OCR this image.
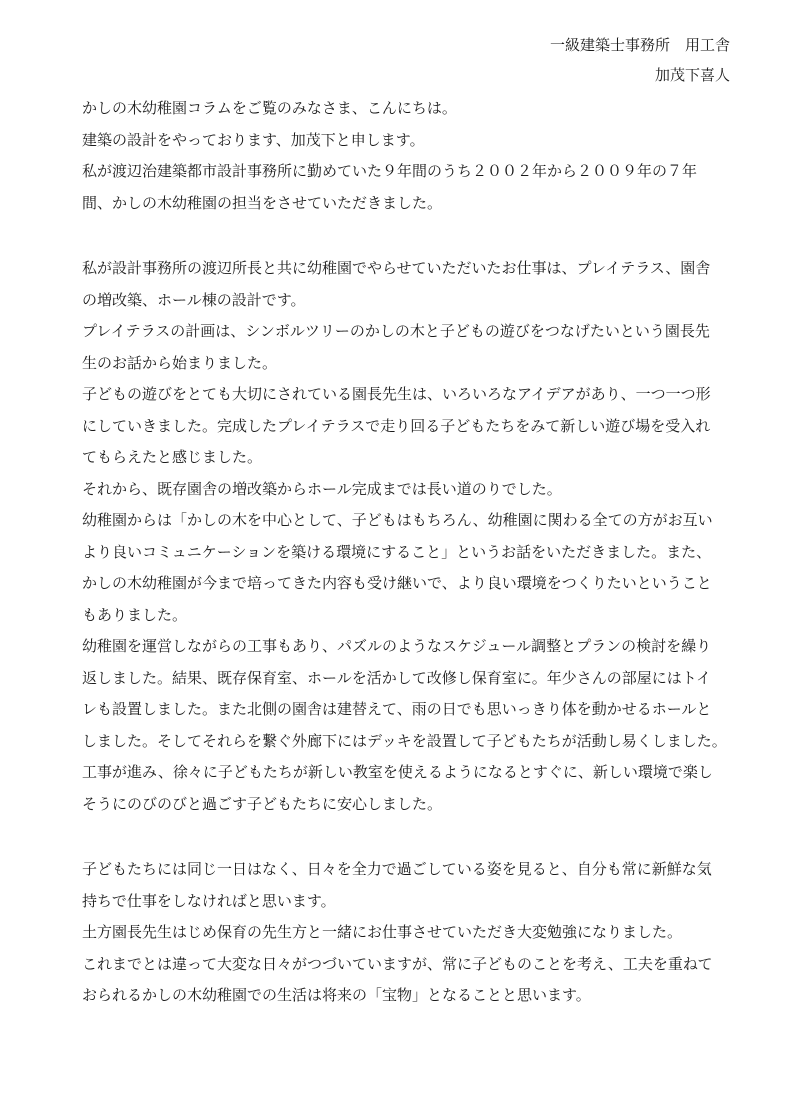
一級建築士事務所　用工舎
加茂下喜人
かしの木幼稚園コラムをご覧のみなさま、こんにちは。
建築の設計をやっております、加茂下と申します。
私が渡辺治建築都市設計事務所に勤めていた９年間のうち２００２年から２００９年の７年
間、かしの木幼稚園の担当をさせていただきました。
私が設計事務所の渡辺所長と共に幼稚園でやらせていただいたお仕事は、プレイテラス、園舎
の増改築、ホール棟の設計です。
プレイテラスの計画は、シンボルツリーのかしの木と子どもの遊びをつなげたいという園長先
生のお話から始まりました。
子どもの遊びをとても大切にされている園長先生は、いろいろなアイデアがあり、一つ一つ形
にしていきました。完成したプレイテラスで走り回る子どもたちをみて新しい遊び場を受入れ
てもらえたと感じました。
それから、既存園舎の増改築からホール完成までは長い道のりでした。
幼稚園からは「かしの木を中心として、子どもはもちろん、幼稚園に関わる全ての方がお互い
より良いコミュニケーションを築ける環境にすること」というお話をいただきました。また、
かしの木幼稚園が今まで培ってきた内容も受け継いで、より良い環境をつくりたいということ
もありました。
幼稚園を運営しながらの工事もあり、パズルのようなスケジュール調整とプランの検討を繰り
返しました。結果、既存保育室、ホールを活かして改修し保育室に。年少さんの部屋にはトイ
レも設置しました。また北側の園舎は建替えて、雨の日でも思いっきり体を動かせるホールと
しました。そしてそれらを繋ぐ外廊下にはデッキを設置して子どもたちが活動し易くしました。
工事が進み、徐々に子どもたちが新しい教室を使えるようになるとすぐに、新しい環境で楽し
そうにのびのびと過ごす子どもたちに安心しました。
子どもたちには同じ一日はなく、日々を全力で過ごしている姿を見ると、自分も常に新鮮な気
持ちで仕事をしなければと思います。
土方園長先生はじめ保育の先生方と一緒にお仕事させていただき大変勉強になりました。
これまでとは違って大変な日々がつづいていますが、常に子どものことを考え、工夫を重ねて
おられるかしの木幼稚園での生活は将来の「宝物」となることと思います。
